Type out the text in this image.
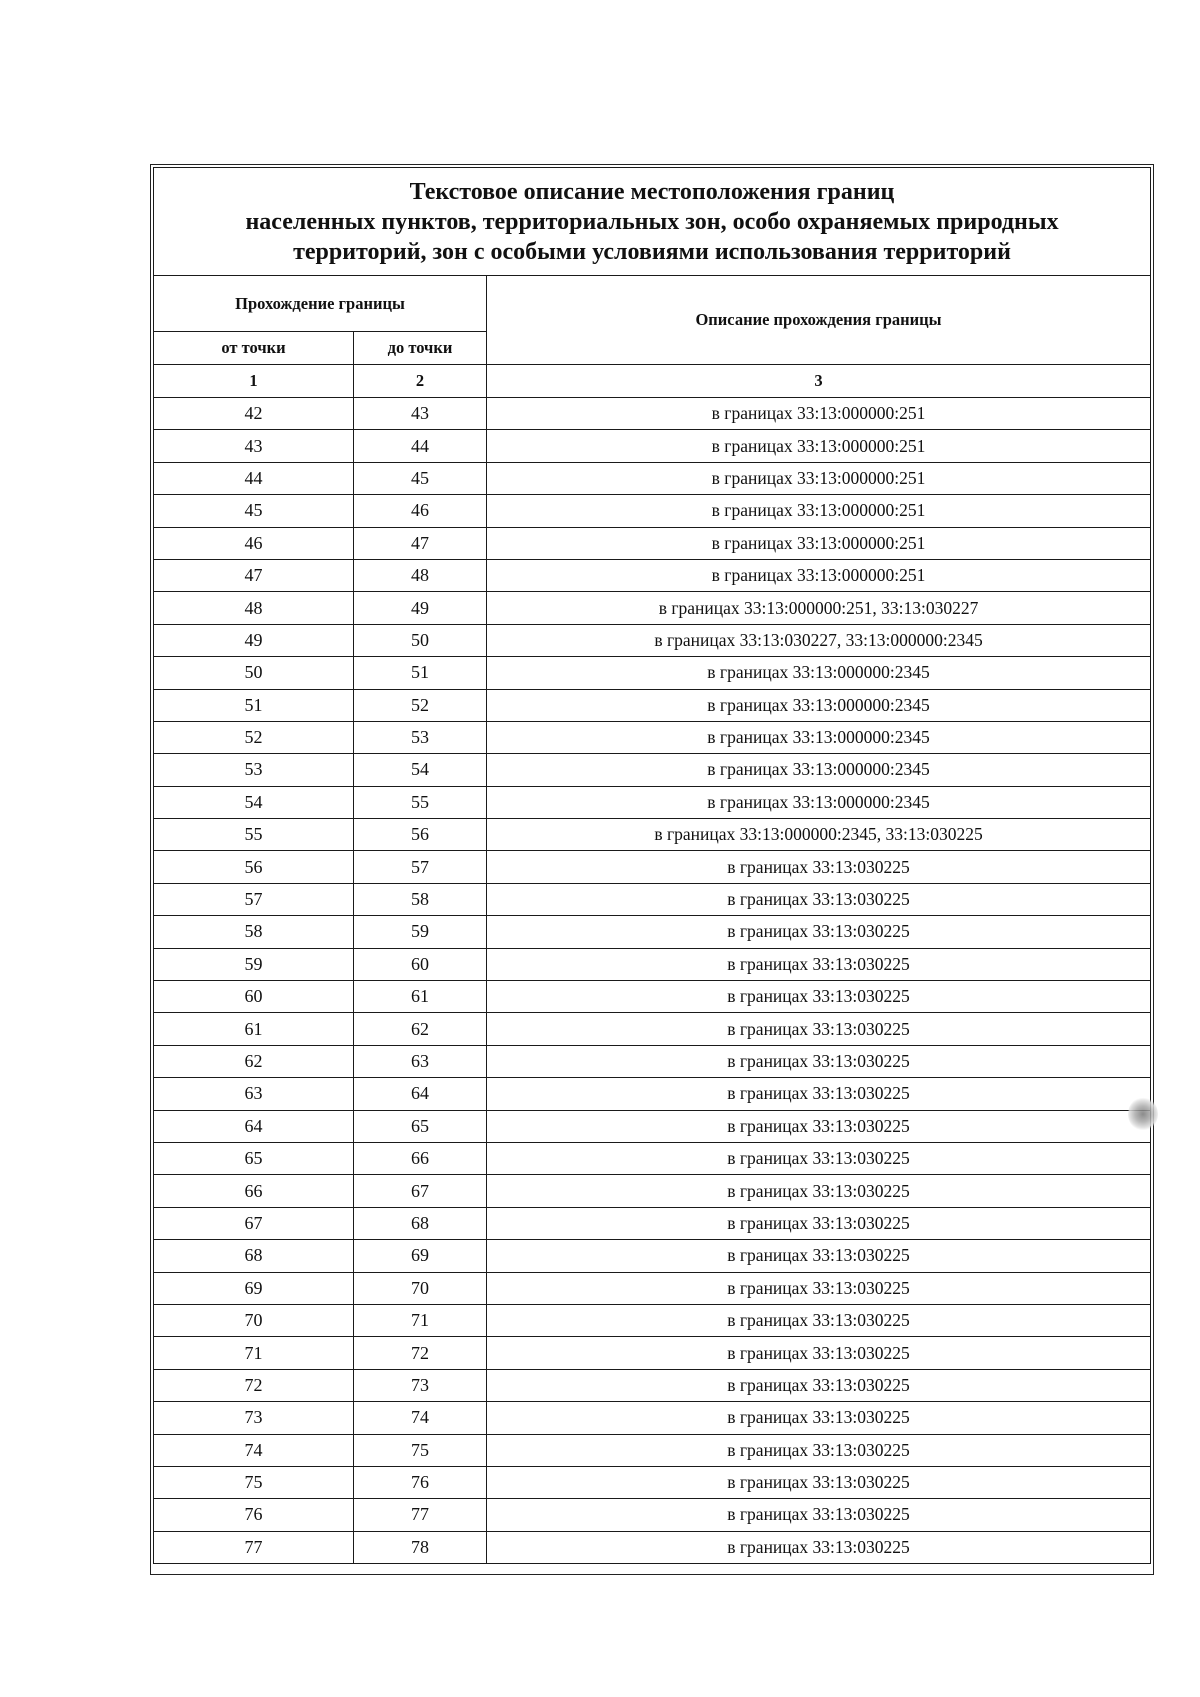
Текстовое описание местоположения границ
населенных пунктов, территориальных зон, особо охраняемых природных
территорий, зон с особыми условиями использования территорий		

Прохождение границы		Описание прохождения границы
от точки	до точки	
1	2	3
42	43	в границах 33:13:000000:251
43	44	в границах 33:13:000000:251
44	45	в границах 33:13:000000:251
45	46	в границах 33:13:000000:251
46	47	в границах 33:13:000000:251
47	48	в границах 33:13:000000:251
48	49	в границах 33:13:000000:251, 33:13:030227
49	50	в границах 33:13:030227, 33:13:000000:2345
50	51	в границах 33:13:000000:2345
51	52	в границах 33:13:000000:2345
52	53	в границах 33:13:000000:2345
53	54	в границах 33:13:000000:2345
54	55	в границах 33:13:000000:2345
55	56	в границах 33:13:000000:2345, 33:13:030225
56	57	в границах 33:13:030225
57	58	в границах 33:13:030225
58	59	в границах 33:13:030225
59	60	в границах 33:13:030225
60	61	в границах 33:13:030225
61	62	в границах 33:13:030225
62	63	в границах 33:13:030225
63	64	в границах 33:13:030225
64	65	в границах 33:13:030225
65	66	в границах 33:13:030225
66	67	в границах 33:13:030225
67	68	в границах 33:13:030225
68	69	в границах 33:13:030225
69	70	в границах 33:13:030225
70	71	в границах 33:13:030225
71	72	в границах 33:13:030225
72	73	в границах 33:13:030225
73	74	в границах 33:13:030225
74	75	в границах 33:13:030225
75	76	в границах 33:13:030225
76	77	в границах 33:13:030225
77	78	в границах 33:13:030225
